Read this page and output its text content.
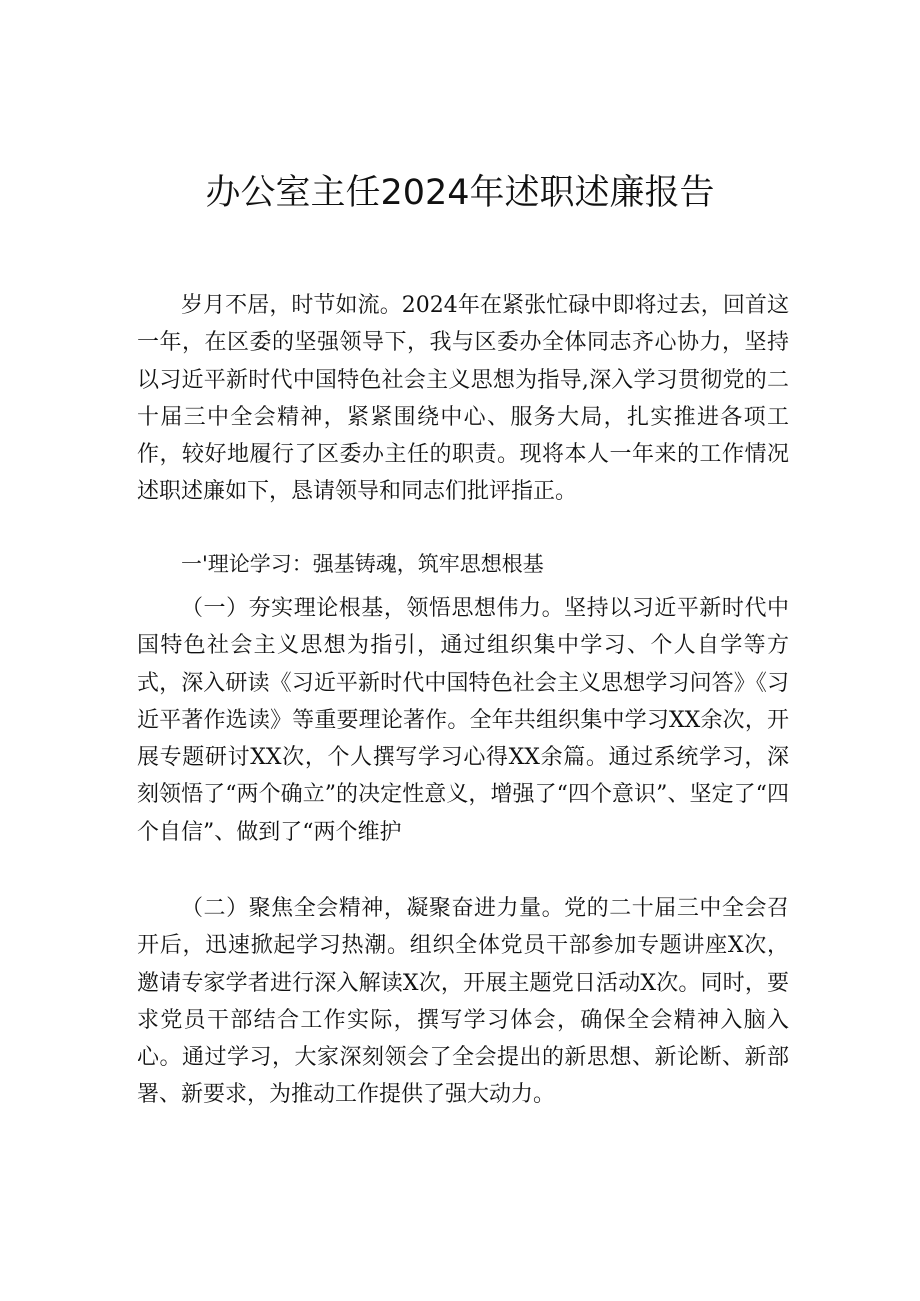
办公室主任2024年述职述廉报告
岁月不居，时节如流。2024年在紧张忙碌中即将过去，回首这一年，在区委的坚强领导下，我与区委办全体同志齐心协力，坚持以习近平新时代中国特色社会主义思想为指导,深入学习贯彻党的二十届三中全会精神，紧紧围绕中心、服务大局，扎实推进各项工作，较好地履行了区委办主任的职责。现将本人一年来的工作情况述职述廉如下，恳请领导和同志们批评指正。
一'理论学习：强基铸魂，筑牢思想根基
（一）夯实理论根基，领悟思想伟力。坚持以习近平新时代中国特色社会主义思想为指引，通过组织集中学习、个人自学等方式，深入研读《习近平新时代中国特色社会主义思想学习问答》《习近平著作选读》等重要理论著作。全年共组织集中学习XX余次，开展专题研讨XX次，个人撰写学习心得XX余篇。通过系统学习，深刻领悟了“两个确立”的决定性意义，增强了“四个意识”、坚定了“四个自信”、做到了“两个维护
（二）聚焦全会精神，凝聚奋进力量。党的二十届三中全会召开后，迅速掀起学习热潮。组织全体党员干部参加专题讲座X次，邀请专家学者进行深入解读X次，开展主题党日活动X次。同时，要求党员干部结合工作实际，撰写学习体会，确保全会精神入脑入心。通过学习，大家深刻领会了全会提出的新思想、新论断、新部署、新要求，为推动工作提供了强大动力。
